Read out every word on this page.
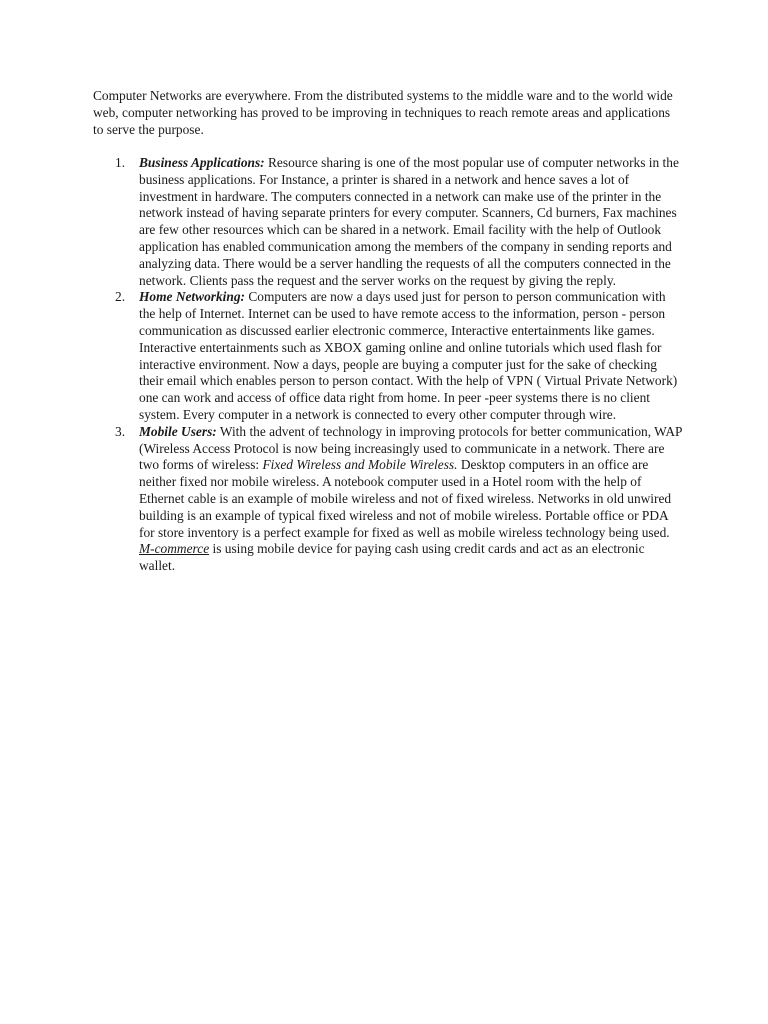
Computer Networks are everywhere. From the distributed systems to the middle ware and to the world wide web, computer networking has proved to be improving in techniques to reach remote areas and applications to serve the purpose.

1. Business Applications: Resource sharing is one of the most popular use of computer networks in the business applications. For Instance, a printer is shared in a network and hence saves a lot of investment in hardware. The computers connected in a network can make use of the printer in the network instead of having separate printers for every computer. Scanners, Cd burners, Fax machines are few other resources which can be shared in a network. Email facility with the help of Outlook application has enabled communication among the members of the company in sending reports and analyzing data. There would be a server handling the requests of all the computers connected in the network. Clients pass the request and the server works on the request by giving the reply.
2. Home Networking: Computers are now a days used just for person to person communication with the help of Internet. Internet can be used to have remote access to the information, person - person communication as discussed earlier electronic commerce, Interactive entertainments like games. Interactive entertainments such as XBOX gaming online and online tutorials which used flash for interactive environment. Now a days, people are buying a computer just for the sake of checking their email which enables person to person contact. With the help of VPN ( Virtual Private Network) one can work and access of office data right from home. In peer -peer systems there is no client system. Every computer in a network is connected to every other computer through wire.
3. Mobile Users: With the advent of technology in improving protocols for better communication, WAP (Wireless Access Protocol is now being increasingly used to communicate in a network. There are two forms of wireless: Fixed Wireless and Mobile Wireless. Desktop computers in an office are neither fixed nor mobile wireless. A notebook computer used in a Hotel room with the help of Ethernet cable is an example of mobile wireless and not of fixed wireless. Networks in old unwired building is an example of typical fixed wireless and not of mobile wireless. Portable office or PDA for store inventory is a perfect example for fixed as well as mobile wireless technology being used. M-commerce is using mobile device for paying cash using credit cards and act as an electronic wallet.
